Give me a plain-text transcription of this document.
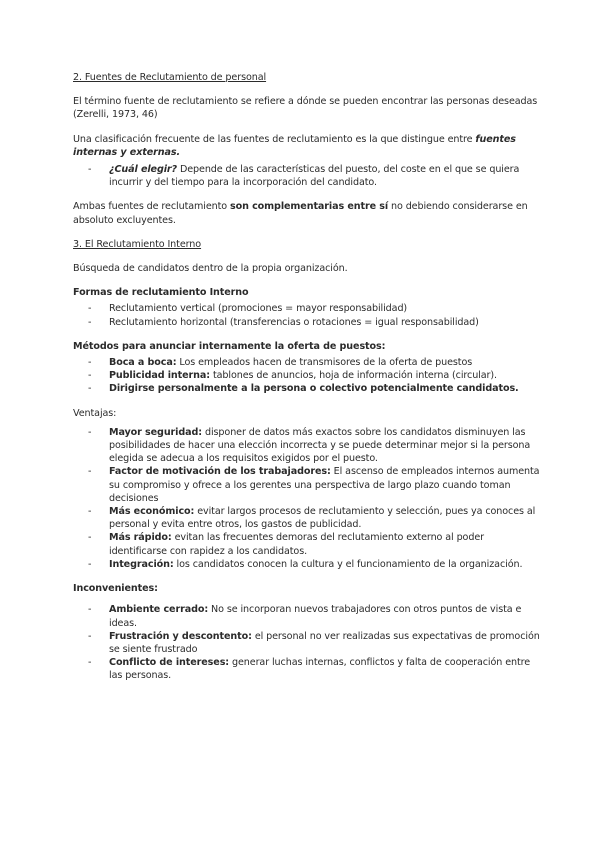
2. Fuentes de Reclutamiento de personal

El término fuente de reclutamiento se refiere a dónde se pueden encontrar las personas deseadas (Zerelli, 1973, 46)

Una clasificación frecuente de las fuentes de reclutamiento es la que distingue entre fuentes internas y externas.

- ¿Cuál elegir? Depende de las características del puesto, del coste en el que se quiera incurrir y del tiempo para la incorporación del candidato.

Ambas fuentes de reclutamiento son complementarias entre sí no debiendo considerarse en absoluto excluyentes.

3. El Reclutamiento Interno

Búsqueda de candidatos dentro de la propia organización.

Formas de reclutamiento Interno
- Reclutamiento vertical (promociones = mayor responsabilidad)
- Reclutamiento horizontal (transferencias o rotaciones = igual responsabilidad)
Métodos para anunciar internamente la oferta de puestos:
- Boca a boca: Los empleados hacen de transmisores de la oferta de puestos
- Publicidad interna: tablones de anuncios, hoja de información interna (circular).
- Dirigirse personalmente a la persona o colectivo potencialmente candidatos.
Ventajas:
- Mayor seguridad: disponer de datos más exactos sobre los candidatos disminuyen las posibilidades de hacer una elección incorrecta y se puede determinar mejor si la persona elegida se adecua a los requisitos exigidos por el puesto.
- Factor de motivación de los trabajadores: El ascenso de empleados internos aumenta su compromiso y ofrece a los gerentes una perspectiva de largo plazo cuando toman decisiones
- Más económico: evitar largos procesos de reclutamiento y selección, pues ya conoces al personal y evita entre otros, los gastos de publicidad.
- Más rápido: evitan las frecuentes demoras del reclutamiento externo al poder identificarse con rapidez a los candidatos.
- Integración: los candidatos conocen la cultura y el funcionamiento de la organización.
Inconvenientes:
- Ambiente cerrado: No se incorporan nuevos trabajadores con otros puntos de vista e ideas.
- Frustración y descontento: el personal no ver realizadas sus expectativas de promoción se siente frustrado
- Conflicto de intereses: generar luchas internas, conflictos y falta de cooperación entre las personas.
